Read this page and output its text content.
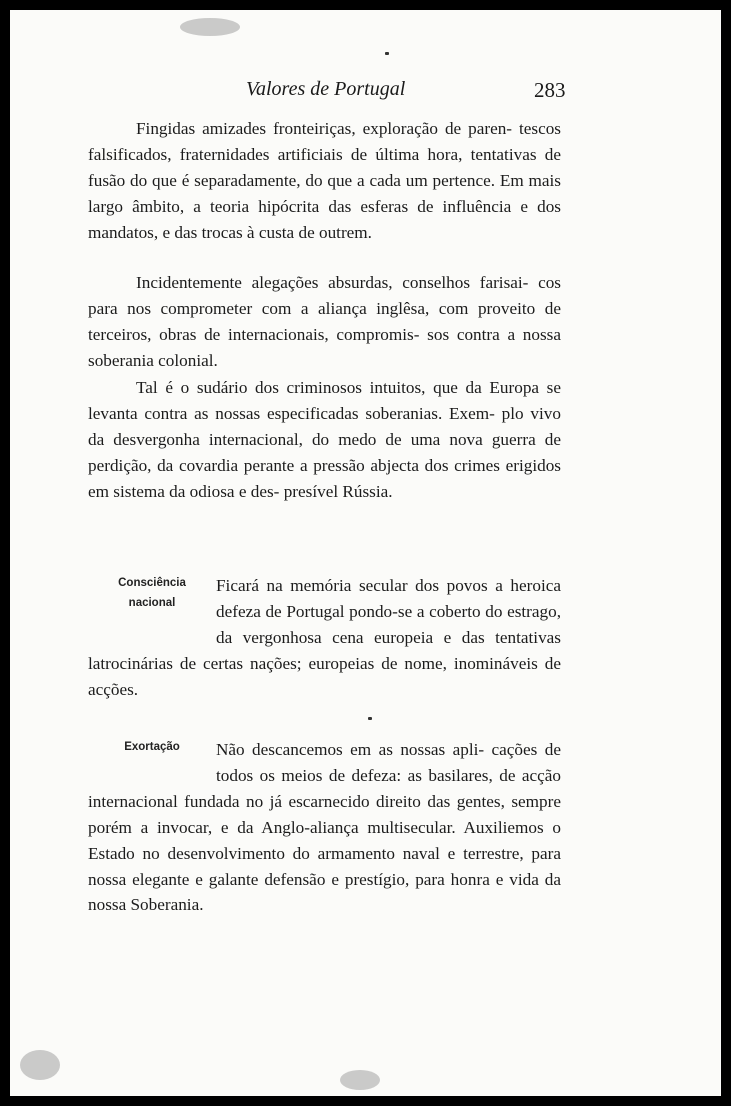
Valores de Portugal	283

Fingidas amizades fronteiriças, exploração de paren- tescos falsificados, fraternidades artificiais de última hora, tentativas de fusão do que é separadamente, do que a cada um pertence. Em mais largo âmbito, a teoria hipócrita das esferas de influência e dos mandatos, e das trocas à custa de outrem.

Incidentemente alegações absurdas, conselhos farisai- cos para nos comprometer com a aliança inglêsa, com proveito de terceiros, obras de internacionais, compromis- sos contra a nossa soberania colonial.

Tal é o sudário dos criminosos intuitos, que da Europa se levanta contra as nossas especificadas soberanias. Exem- plo vivo da desvergonha internacional, do medo de uma nova guerra de perdição, da covardia perante a pressão abjecta dos crimes erigidos em sistema da odiosa e des- presível Rússia.

Consciência
nacional

Ficará na memória secular dos povos a heroica defeza de Portugal pondo-se a coberto do estrago, da vergonhosa cena europeia e das tentativas latrocinárias de certas nações; europeias de nome, inomináveis de acções.

Exortação	Não descancemos em as nossas apli- cações de todos os meios de defeza: as basilares, de acção internacional fundada no já escarnecido direito das gentes, sempre porém a invocar, e da Anglo-aliança multisecular. Auxiliemos o Estado no desenvolvimento do armamento naval e terrestre, para nossa elegante e galante defensão e prestígio, para honra e vida da nossa Soberania.
